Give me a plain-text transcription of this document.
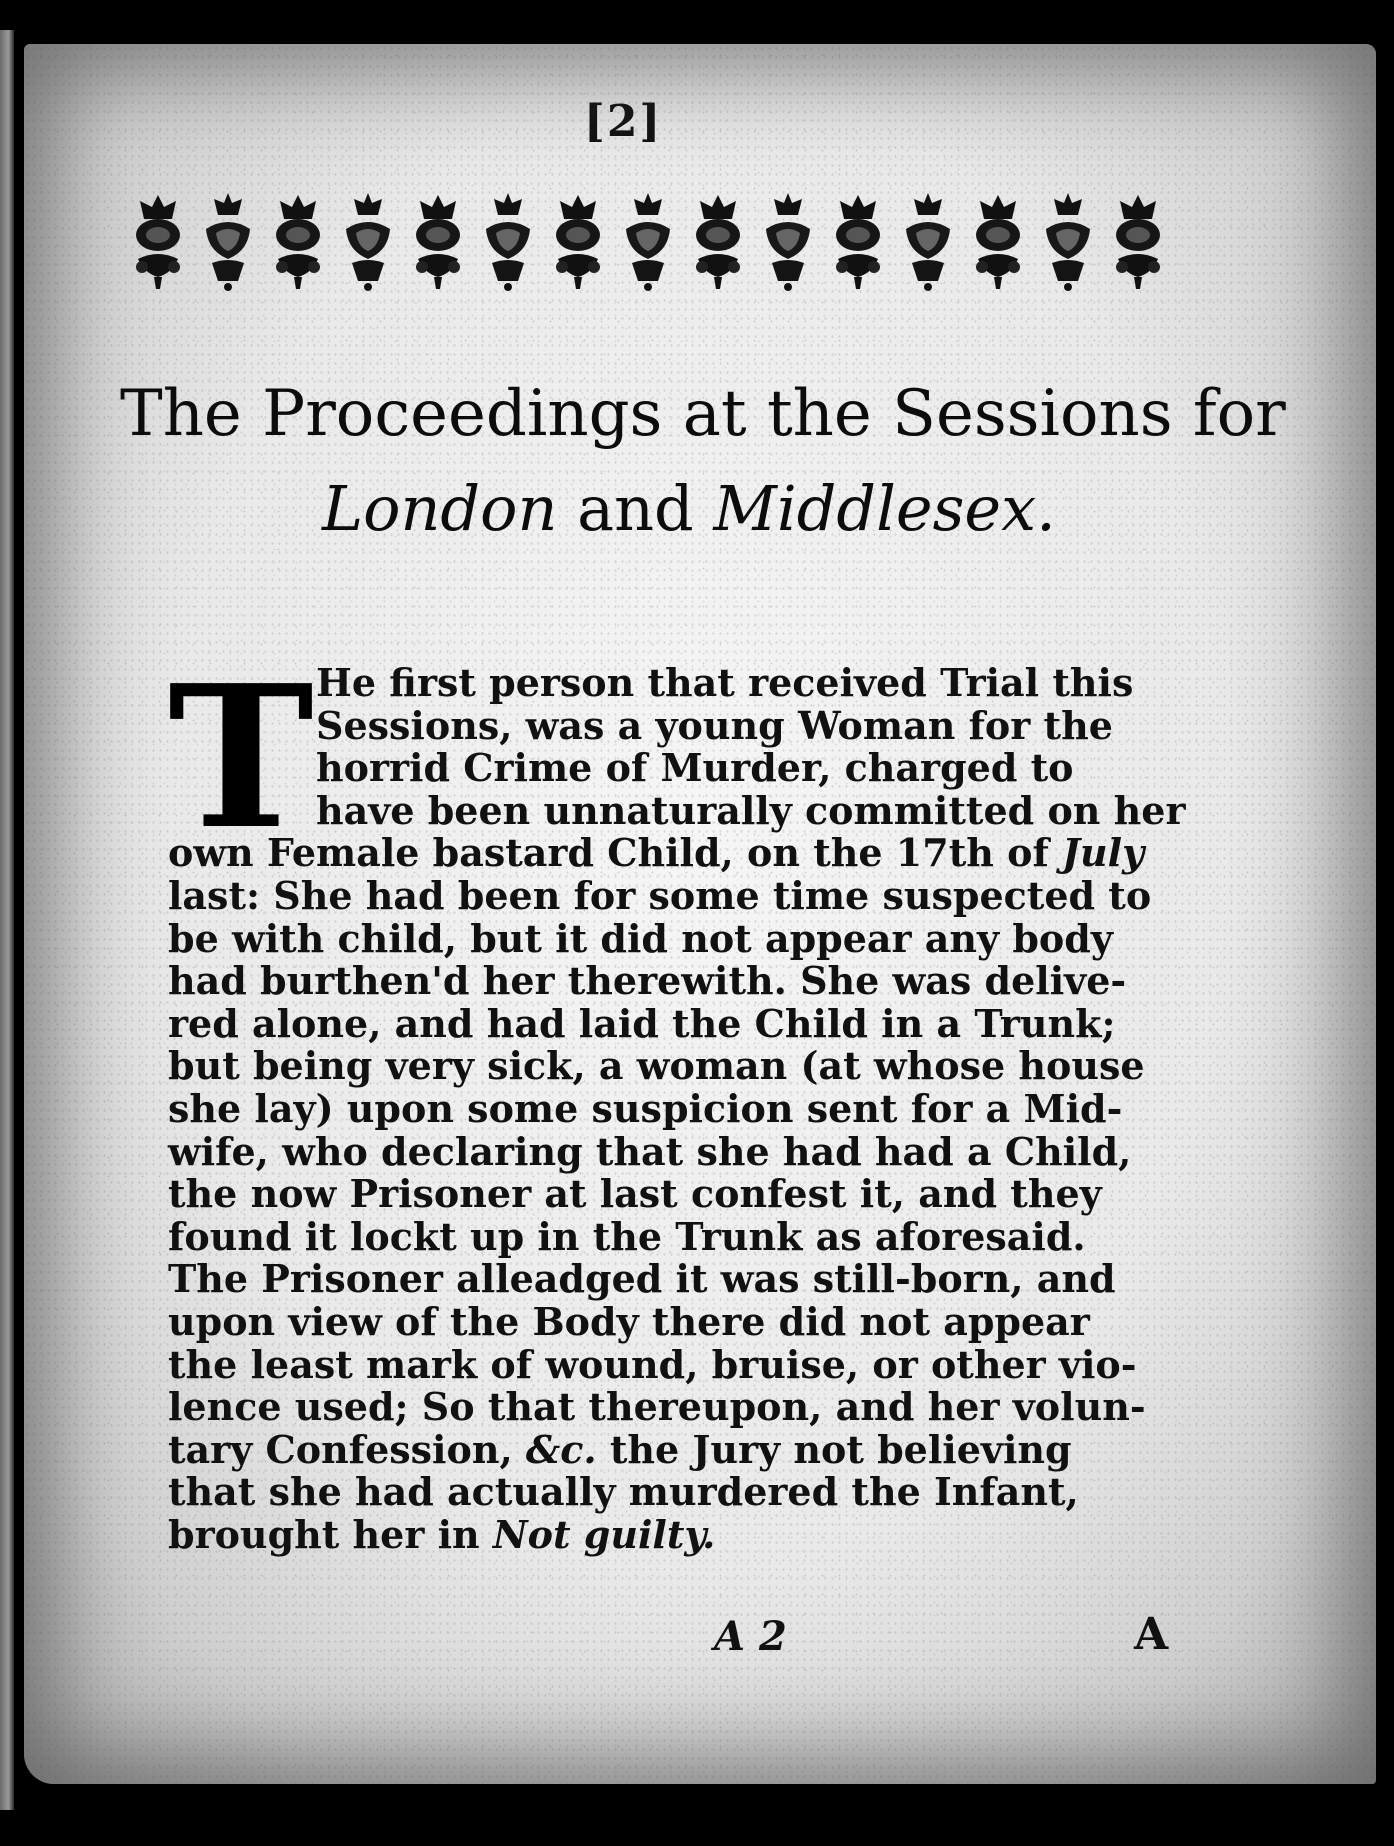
[2]
The Proceedings at the Sessions for
London and Middlesex.
T He first person that received Trial this
Sessions, was a young Woman for the
horrid Crime of Murder, charged to
have been unnaturally committed on her
own Female bastard Child, on the 17th of July
last: She had been for some time suspected to
be with child, but it did not appear any body
had burthen'd her therewith. She was delive-
red alone, and had laid the Child in a Trunk;
but being very sick, a woman (at whose house
she lay) upon some suspicion sent for a Mid-
wife, who declaring that she had had a Child,
the now Prisoner at last confest it, and they
found it lockt up in the Trunk as aforesaid.
The Prisoner alleadged it was still-born, and
upon view of the Body there did not appear
the least mark of wound, bruise, or other vio-
lence used; So that thereupon, and her volun-
tary Confession, &c. the Jury not believing
that she had actually murdered the Infant,
brought her in Not guilty.
A 2	A
